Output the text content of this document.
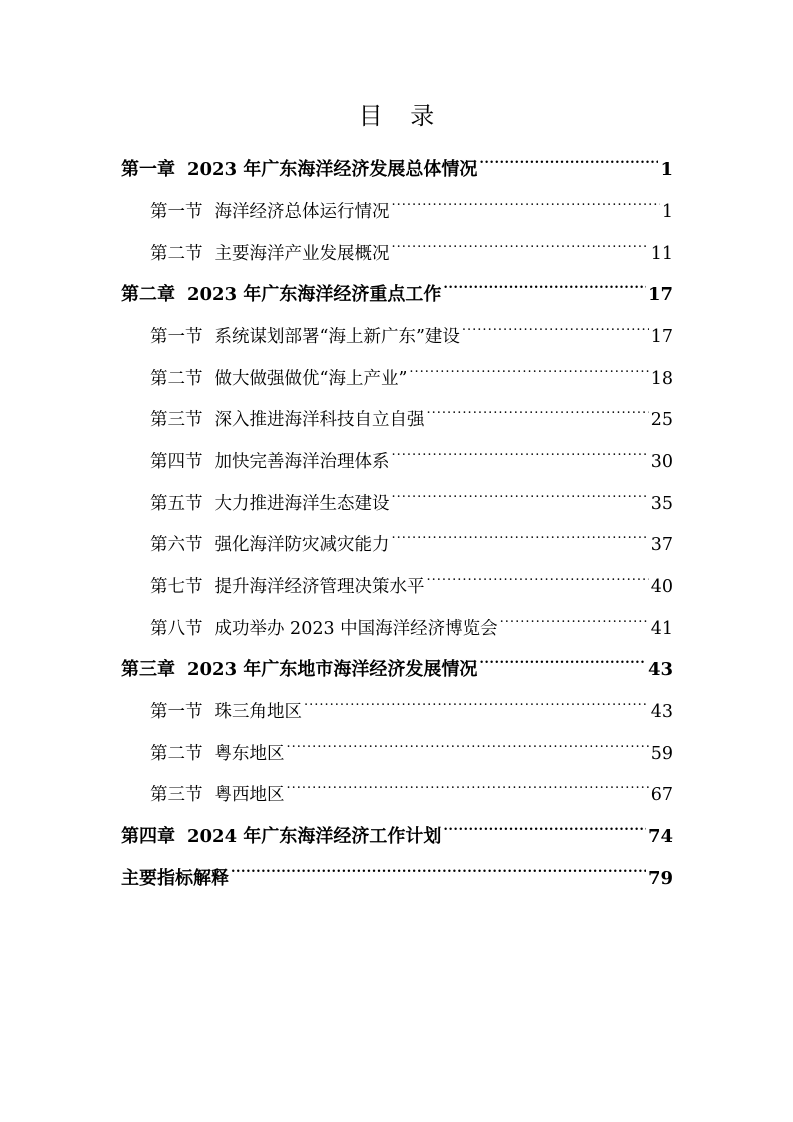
目 录
第一章 2023 年广东海洋经济发展总体情况 .....	1
第一节 海洋经济总体运行情况 .....	1
第二节 主要海洋产业发展概况 .....	11
第二章 2023 年广东海洋经济重点工作 .....	17
第一节 系统谋划部署“海上新广东”建设 .....	17
第二节 做大做强做优“海上产业” .....	18
第三节 深入推进海洋科技自立自强 .....	25
第四节 加快完善海洋治理体系 .....	30
第五节 大力推进海洋生态建设 .....	35
第六节 强化海洋防灾减灾能力 .....	37
第七节 提升海洋经济管理决策水平 .....	40
第八节 成功举办 2023 中国海洋经济博览会 .....	41
第三章 2023 年广东地市海洋经济发展情况 .....	43
第一节 珠三角地区 .....	43
第二节 粤东地区 .....	59
第三节 粤西地区 .....	67
第四章 2024 年广东海洋经济工作计划 .....	74
主要指标解释 .....	79
